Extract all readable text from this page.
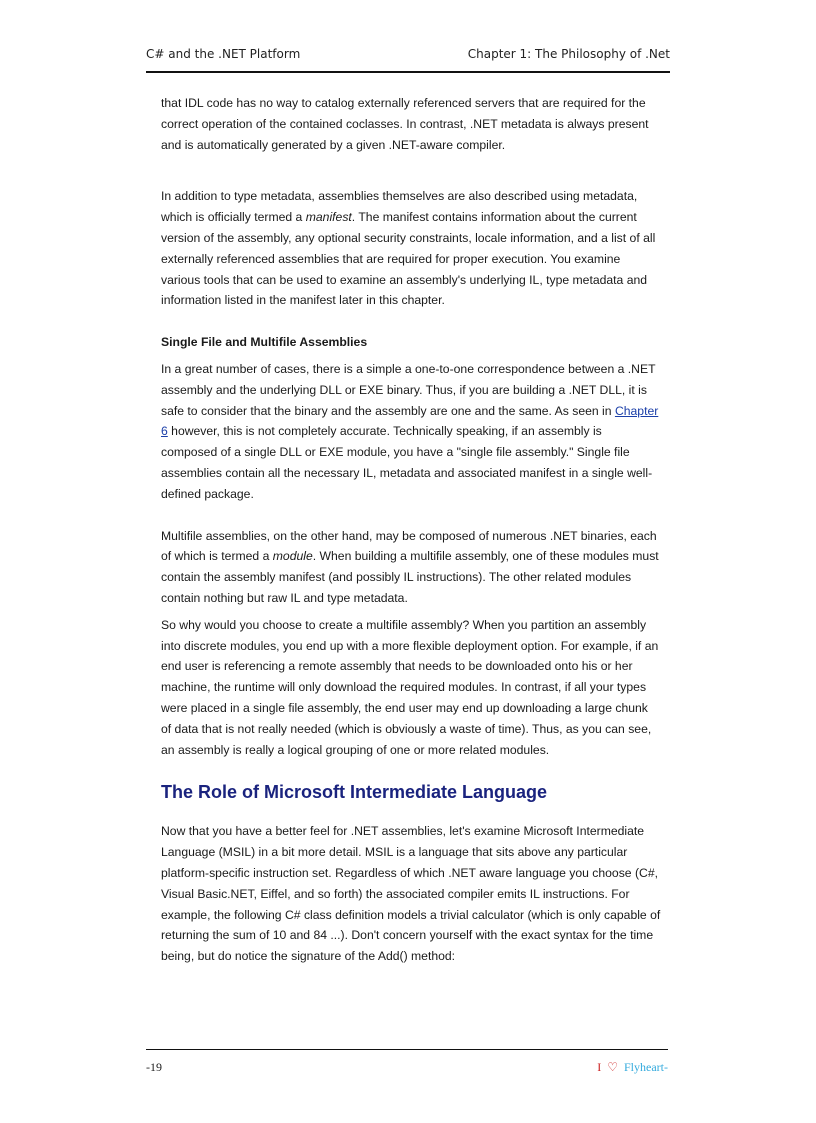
C# and the .NET Platform	Chapter 1: The Philosophy of .Net

that IDL code has no way to catalog externally referenced servers that are required for the correct operation of the contained coclasses. In contrast, .NET metadata is always present and is automatically generated by a given .NET-aware compiler.

In addition to type metadata, assemblies themselves are also described using metadata, which is officially termed a manifest. The manifest contains information about the current version of the assembly, any optional security constraints, locale information, and a list of all externally referenced assemblies that are required for proper execution. You examine various tools that can be used to examine an assembly's underlying IL, type metadata and information listed in the manifest later in this chapter.

Single File and Multifile Assemblies

In a great number of cases, there is a simple a one-to-one correspondence between a .NET assembly and the underlying DLL or EXE binary. Thus, if you are building a .NET DLL, it is safe to consider that the binary and the assembly are one and the same. As seen in Chapter 6 however, this is not completely accurate. Technically speaking, if an assembly is composed of a single DLL or EXE module, you have a "single file assembly." Single file assemblies contain all the necessary IL, metadata and associated manifest in a single well-defined package.

Multifile assemblies, on the other hand, may be composed of numerous .NET binaries, each of which is termed a module. When building a multifile assembly, one of these modules must contain the assembly manifest (and possibly IL instructions). The other related modules contain nothing but raw IL and type metadata.

So why would you choose to create a multifile assembly? When you partition an assembly into discrete modules, you end up with a more flexible deployment option. For example, if an end user is referencing a remote assembly that needs to be downloaded onto his or her machine, the runtime will only download the required modules. In contrast, if all your types were placed in a single file assembly, the end user may end up downloading a large chunk of data that is not really needed (which is obviously a waste of time). Thus, as you can see, an assembly is really a logical grouping of one or more related modules.

The Role of Microsoft Intermediate Language

Now that you have a better feel for .NET assemblies, let's examine Microsoft Intermediate Language (MSIL) in a bit more detail. MSIL is a language that sits above any particular platform-specific instruction set. Regardless of which .NET aware language you choose (C#, Visual Basic.NET, Eiffel, and so forth) the associated compiler emits IL instructions. For example, the following C# class definition models a trivial calculator (which is only capable of returning the sum of 10 and 84 ...). Don't concern yourself with the exact syntax for the time being, but do notice the signature of the Add() method:

-19	I ♡ Flyheart-
